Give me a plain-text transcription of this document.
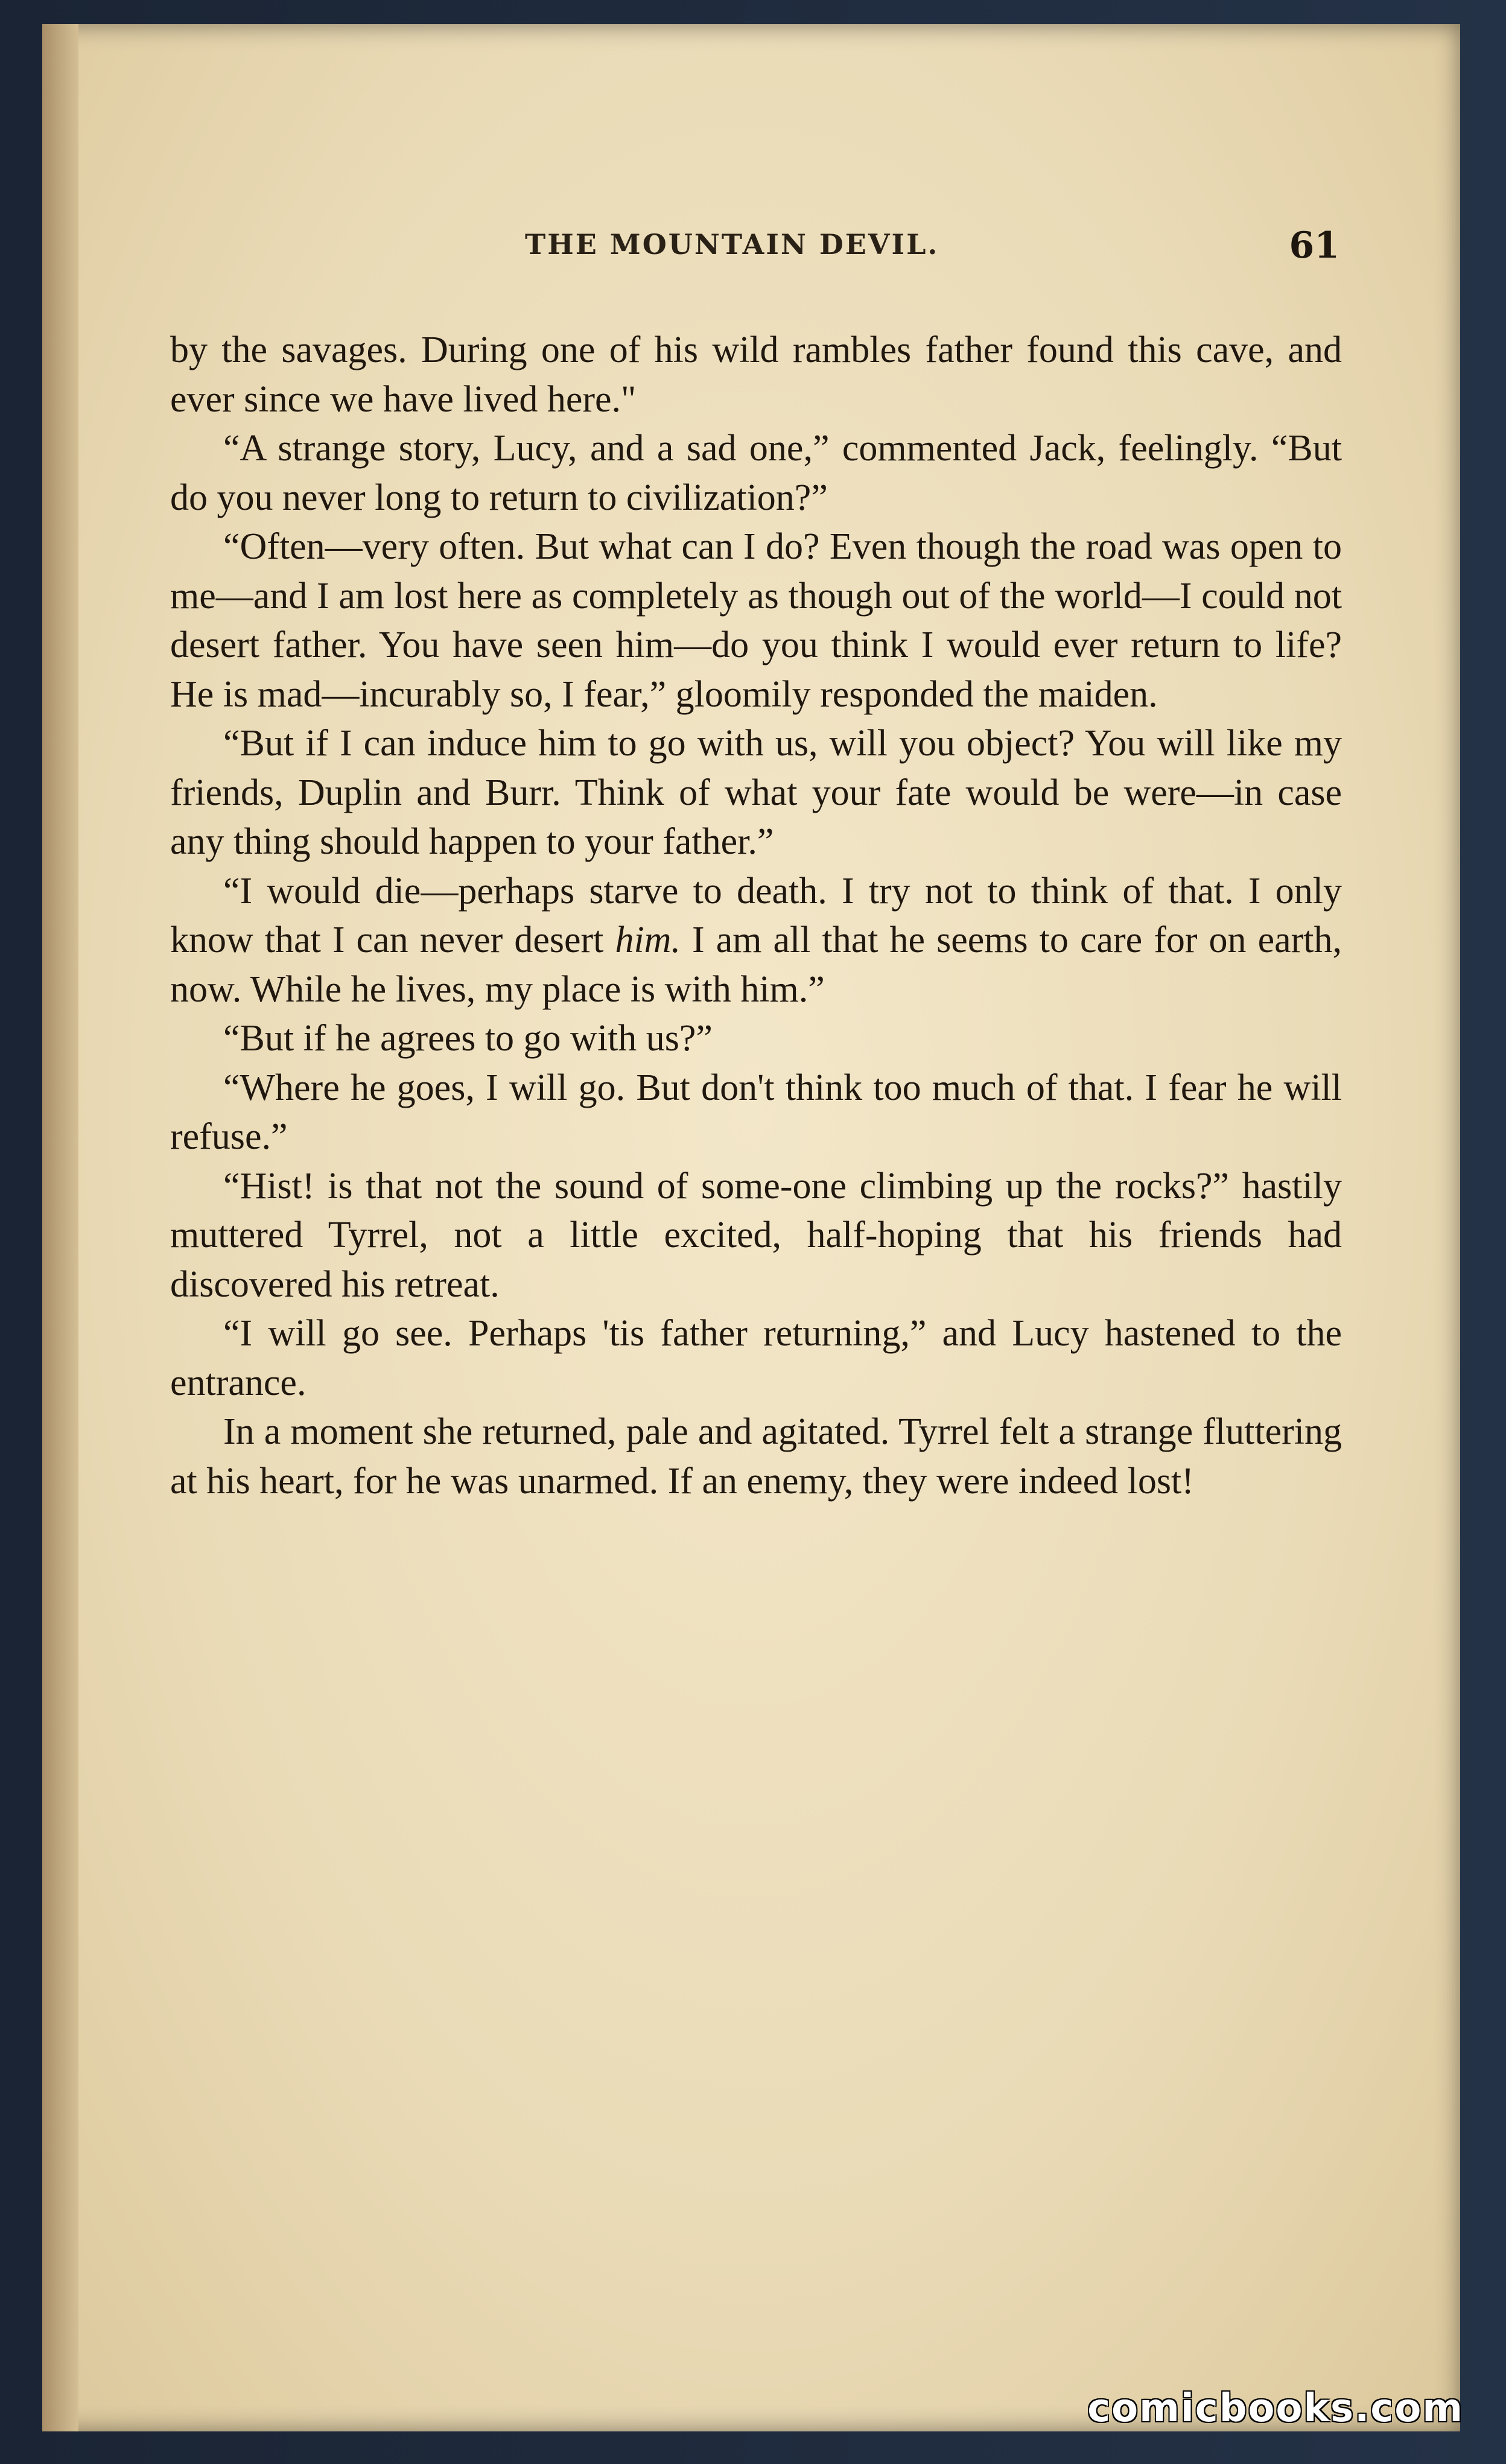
THE MOUNTAIN DEVIL.	61

by the savages. During one of his wild rambles father found this cave, and ever since we have lived here."

“A strange story, Lucy, and a sad one,” commented Jack, feelingly. “But do you never long to return to civilization?”

“Often—very often. But what can I do? Even though the road was open to me—and I am lost here as completely as though out of the world—I could not desert father. You have seen him—do you think I would ever return to life? He is mad—incurably so, I fear,” gloomily responded the maiden.

“But if I can induce him to go with us, will you object? You will like my friends, Duplin and Burr. Think of what your fate would be were—in case any thing should happen to your father.”

“I would die—perhaps starve to death. I try not to think of that. I only know that I can never desert him. I am all that he seems to care for on earth, now. While he lives, my place is with him.”

“But if he agrees to go with us?”

“Where he goes, I will go. But don't think too much of that. I fear he will refuse.”

“Hist! is that not the sound of some-one climbing up the rocks?” hastily muttered Tyrrel, not a little excited, half-hoping that his friends had discovered his retreat.

“I will go see. Perhaps 'tis father returning,” and Lucy hastened to the entrance.

In a moment she returned, pale and agitated. Tyrrel felt a strange fluttering at his heart, for he was unarmed. If an enemy, they were indeed lost!

comicbooks.com
